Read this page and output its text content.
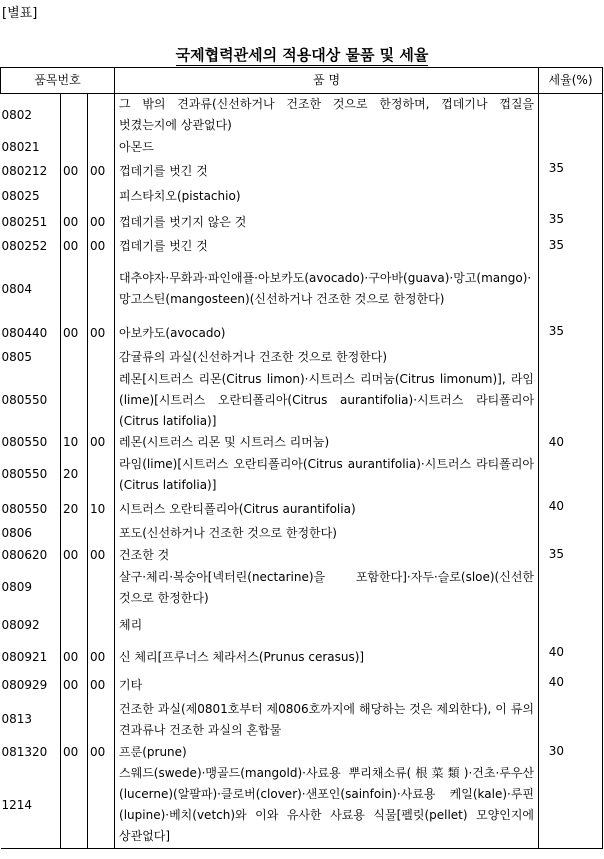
[별표]
국제협력관세의 적용대상 물품 및 세율
품목번호			품 명	세율(%)
0802			그 밖의 견과류(신선하거나 건조한 것으로 한정하며, 껍데기나 껍질을 벗겼는지에 상관없다)	
08021			아몬드	
080212	00	00	껍데기를 벗긴 것	35
08025			피스타치오(pistachio)	
080251	00	00	껍데기를 벗기지 않은 것	35
080252	00	00	껍데기를 벗긴 것	35
0804			대추야자·무화과·파인애플·아보카도(avocado)·구아바(guava)·망고(mango)·망고스틴(mangosteen)(신선하거나 건조한 것으로 한정한다)	
080440	00	00	아보카도(avocado)	35
0805			감귤류의 과실(신선하거나 건조한 것으로 한정한다)	
080550			레몬[시트러스 리몬(Citrus limon)·시트러스 리머눔(Citrus limonum)], 라임(lime)[시트러스 오란티폴리아(Citrus aurantifolia)·시트러스 라티폴리아(Citrus latifolia)]	
080550	10	00	레몬(시트러스 리몬 및 시트러스 리머눔)	40
080550	20		라임(lime)[시트러스 오란티폴리아(Citrus aurantifolia)·시트러스 라티폴리아(Citrus latifolia)]	
080550	20	10	시트러스 오란티폴리아(Citrus aurantifolia)	40
0806			포도(신선하거나 건조한 것으로 한정한다)	
080620	00	00	건조한 것	35
0809			살구·체리·복숭아[넥터린(nectarine)을 포함한다]·자두·슬로(sloe)(신선한 것으로 한정한다)	
08092			체리	
080921	00	00	신 체리[프루너스 체라서스(Prunus cerasus)]	40
080929	00	00	기타	40
0813			건조한 과실(제0801호부터 제0806호까지에 해당하는 것은 제외한다), 이 류의 견과류나 건조한 과실의 혼합물	
081320	00	00	프룬(prune)	30
1214			스웨드(swede)·맹골드(mangold)·사료용 뿌리채소류(根菜類)·건초·루우산(lucerne)(알팔파)·클로버(clover)·샌포인(sainfoin)·사료용 케일(kale)·루핀(lupine)·베치(vetch)와 이와 유사한 사료용 식물[펠릿(pellet) 모양인지에 상관없다]	
